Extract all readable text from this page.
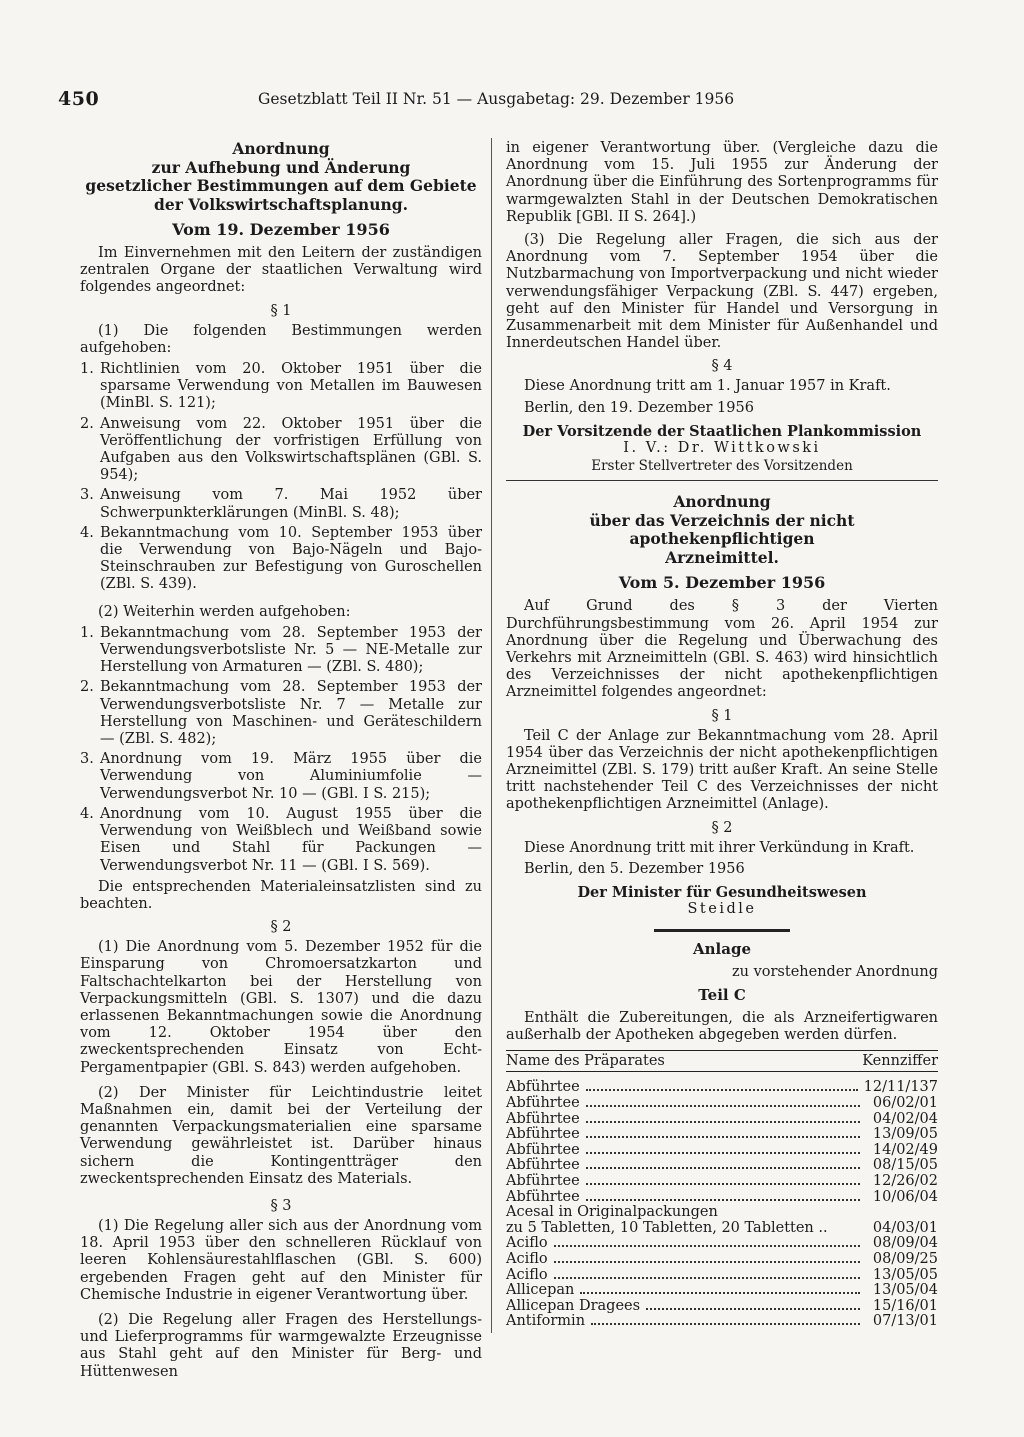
450	Gesetzblatt Teil II Nr. 51 — Ausgabetag: 29. Dezember 1956
Anordnung
zur Aufhebung und Änderung
gesetzlicher Bestimmungen auf dem Gebiete
der Volkswirtschaftsplanung.
Vom 19. Dezember 1956

Im Einvernehmen mit den Leitern der zuständigen zentralen Organe der staatlichen Verwaltung wird folgendes angeordnet:

§ 1

(1) Die folgenden Bestimmungen werden aufgehoben:

1. Richtlinien vom 20. Oktober 1951 über die sparsame Verwendung von Metallen im Bauwesen (MinBl. S. 121);
2. Anweisung vom 22. Oktober 1951 über die Veröffentlichung der vorfristigen Erfüllung von Aufgaben aus den Volkswirtschaftsplänen (GBl. S. 954);
3. Anweisung vom 7. Mai 1952 über Schwerpunkterklärungen (MinBl. S. 48);
4. Bekanntmachung vom 10. September 1953 über die Verwendung von Bajo-Nägeln und Bajo-Steinschrauben zur Befestigung von Guroschellen (ZBl. S. 439).

(2) Weiterhin werden aufgehoben:

1. Bekanntmachung vom 28. September 1953 der Verwendungsverbotsliste Nr. 5 — NE-Metalle zur Herstellung von Armaturen — (ZBl. S. 480);
2. Bekanntmachung vom 28. September 1953 der Verwendungsverbotsliste Nr. 7 — Metalle zur Herstellung von Maschinen- und Geräteschildern — (ZBl. S. 482);
3. Anordnung vom 19. März 1955 über die Verwendung von Aluminiumfolie — Verwendungsverbot Nr. 10 — (GBl. I S. 215);
4. Anordnung vom 10. August 1955 über die Verwendung von Weißblech und Weißband sowie Eisen und Stahl für Packungen — Verwendungsverbot Nr. 11 — (GBl. I S. 569).

Die entsprechenden Materialeinsatzlisten sind zu beachten.

§ 2

(1) Die Anordnung vom 5. Dezember 1952 für die Einsparung von Chromoersatzkarton und Faltschachtelkarton bei der Herstellung von Verpackungsmitteln (GBl. S. 1307) und die dazu erlassenen Bekanntmachungen sowie die Anordnung vom 12. Oktober 1954 über den zweckentsprechenden Einsatz von Echt-Pergamentpapier (GBl. S. 843) werden aufgehoben.

(2) Der Minister für Leichtindustrie leitet Maßnahmen ein, damit bei der Verteilung der genannten Verpackungsmaterialien eine sparsame Verwendung gewährleistet ist. Darüber hinaus sichern die Kontingentträger den zweckentsprechenden Einsatz des Materials.

§ 3

(1) Die Regelung aller sich aus der Anordnung vom 18. April 1953 über den schnelleren Rücklauf von leeren Kohlensäurestahlflaschen (GBl. S. 600) ergebenden Fragen geht auf den Minister für Chemische Industrie in eigener Verantwortung über.

(2) Die Regelung aller Fragen des Herstellungs- und Lieferprogramms für warmgewalzte Erzeugnisse aus Stahl geht auf den Minister für Berg- und Hüttenwesen

in eigener Verantwortung über. (Vergleiche dazu die Anordnung vom 15. Juli 1955 zur Änderung der Anordnung über die Einführung des Sortenprogramms für warmgewalzten Stahl in der Deutschen Demokratischen Republik [GBl. II S. 264].)

(3) Die Regelung aller Fragen, die sich aus der Anordnung vom 7. September 1954 über die Nutzbarmachung von Importverpackung und nicht wieder verwendungsfähiger Verpackung (ZBl. S. 447) ergeben, geht auf den Minister für Handel und Versorgung in Zusammenarbeit mit dem Minister für Außenhandel und Innerdeutschen Handel über.

§ 4

Diese Anordnung tritt am 1. Januar 1957 in Kraft.

Berlin, den 19. Dezember 1956

Der Vorsitzende der Staatlichen Plankommission
I. V.: Dr. Wittkowski
Erster Stellvertreter des Vorsitzenden
Anordnung
über das Verzeichnis der nicht apothekenpflichtigen
Arzneimittel.
Vom 5. Dezember 1956

Auf Grund des § 3 der Vierten Durchführungsbestimmung vom 26. April 1954 zur Anordnung über die Regelung und Überwachung des Verkehrs mit Arzneimitteln (GBl. S. 463) wird hinsichtlich des Verzeichnisses der nicht apothekenpflichtigen Arzneimittel folgendes angeordnet:

§ 1

Teil C der Anlage zur Bekanntmachung vom 28. April 1954 über das Verzeichnis der nicht apothekenpflichtigen Arzneimittel (ZBl. S. 179) tritt außer Kraft. An seine Stelle tritt nachstehender Teil C des Verzeichnisses der nicht apothekenpflichtigen Arzneimittel (Anlage).

§ 2

Diese Anordnung tritt mit ihrer Verkündung in Kraft.

Berlin, den 5. Dezember 1956

Der Minister für Gesundheitswesen
Steidle
Anlage
zu vorstehender Anordnung
Teil C

Enthält die Zubereitungen, die als Arzneifertigwaren außerhalb der Apotheken abgegeben werden dürfen.

Name des Präparates	Kennziffer
Abführtee	12/11/137
Abführtee	06/02/01
Abführtee	04/02/04
Abführtee	13/09/05
Abführtee	14/02/49
Abführtee	08/15/05
Abführtee	12/26/02
Abführtee	10/06/04
Acesal in Originalpackungen
zu 5 Tabletten, 10 Tabletten, 20 Tabletten ..	04/03/01
Aciflo	08/09/04
Aciflo	08/09/25
Aciflo	13/05/05
Allicepan	13/05/04
Allicepan Dragees	15/16/01
Antiformin	07/13/01
